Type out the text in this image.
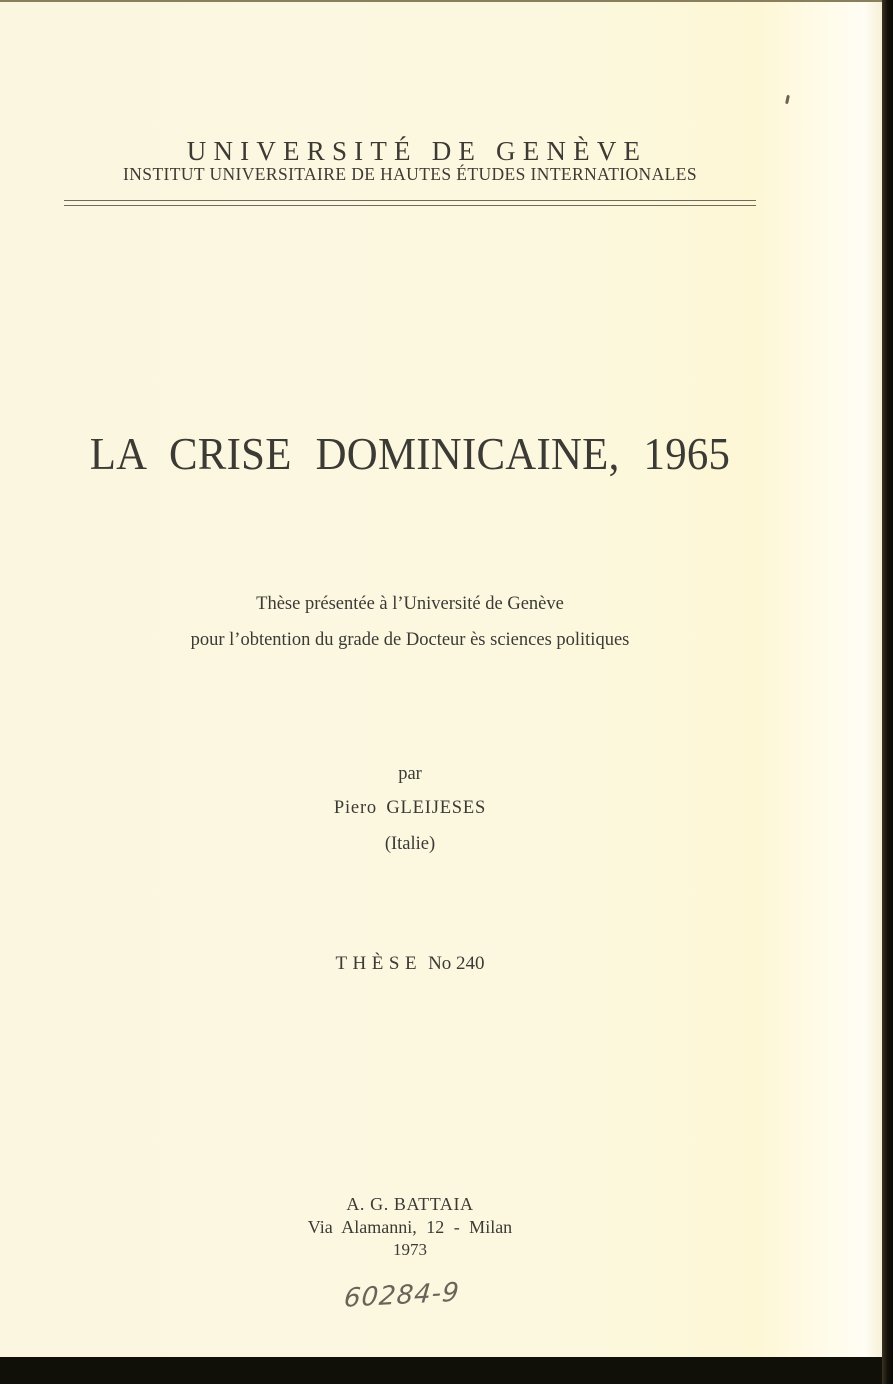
UNIVERSITÉ DE GENÈVE
INSTITUT UNIVERSITAIRE DE HAUTES ÉTUDES INTERNATIONALES
LA CRISE DOMINICAINE, 1965
Thèse présentée à l’Université de Genève
pour l’obtention du grade de Docteur ès sciences politiques
par
Piero GLEIJESES
(Italie)
THÈSE No 240
A. G. BATTAIA
Via Alamanni, 12 - Milan
1973
60284-9
